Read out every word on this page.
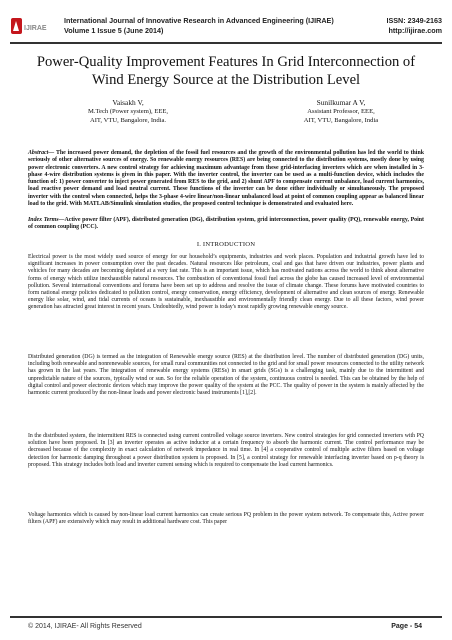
IJIRAE
International Journal of Innovative Research in Advanced Engineering (IJIRAE)
Volume 1 Issue 5 (June 2014)
ISSN: 2349-2163
http://ijirae.com
Power-Quality Improvement Features In Grid Interconnection of Wind Energy Source at the Distribution Level
Vaisakh V,
M.Tech (Power system), EEE,
AIT, VTU, Bangalore, India.
Sunilkumar A V,
Assistant Professor, EEE,
AIT, VTU, Bangalore, India
Abstract— The increased power demand, the depletion of the fossil fuel resources and the growth of the environmental pollution has led the world to think seriously of other alternative sources of energy. So renewable energy resources (RES) are being connected to the distribution systems, mostly done by using power electronic converters. A new control strategy for achieving maximum advantage from these grid-interfacing inverters which are when installed in 3-phase 4-wire distribution systems is given in this paper. With the inverter control, the inverter can be used as a multi-function device, which includes the function of: 1) power converter to inject power generated from RES to the grid, and 2) shunt APF to compensate current unbalance, load current harmonics, load reactive power demand and load neutral current. These functions of the inverter can be done either individually or simultaneously. The proposed inverter with the control when connected, helps the 3-phase 4-wire linear/non-linear unbalanced load at point of common coupling appear as balanced linear load to the grid. With MATLAB/Simulink simulation studies, the proposed control technique is demonstrated and evaluated here.
Index Terms—Active power filter (APF), distributed generation (DG), distribution system, grid interconnection, power quality (PQ), renewable energy, Point of common coupling (PCC).
I. INTRODUCTION
Electrical power is the most widely used source of energy for our household’s equipments, industries and work places. Population and industrial growth have led to significant increases in power consumption over the past decades. Natural resources like petroleum, coal and gas that have driven our industries, power plants and vehicles for many decades are becoming depleted at a very fast rate. This is an important issue, which has motivated nations across the world to think about alternative forms of energy which utilize inexhaustible natural resources. The combustion of conventional fossil fuel across the globe has caused increased level of environmental pollution. Several international conventions and forums have been set up to address and resolve the issue of climate change. These forums have motivated countries to form national energy policies dedicated to pollution control, energy conservation, energy efficiency, development of alternative and clean sources of energy. Renewable energy like solar, wind, and tidal currents of oceans is sustainable, inexhaustible and environmentally friendly clean energy. Due to all these factors, wind power generation has attracted great interest in recent years. Undoubtedly, wind power is today's most rapidly growing renewable energy source.
Distributed generation (DG) is termed as the integration of Renewable energy source (RES) at the distribution level. The number of distributed generation (DG) units, including both renewable and nonrenewable sources, for small rural communities not connected to the grid and for small power resources connected to the utility network has grown in the last years. The integration of renewable energy systems (RESs) in smart grids (SGs) is a challenging task, mainly due to the intermittent and unpredictable nature of the sources, typically wind or sun. So for the reliable operation of the system, continuous control is needed. This can be obtained by the help of digital control and power electronic devices which may improve the power quality of the system at the PCC. The quality of power in the system is mainly affected by the harmonic current produced by the non-linear loads and power electronic based instruments [1],[2].
In the distributed system, the intermittent RES is connected using current controlled voltage source inverters. New control strategies for grid connected inverters with PQ solution have been proposed. In [3] an inverter operates as active inductor at a certain frequency to absorb the harmonic current. The control performance may be decreased because of the complexity in exact calculation of network impedance in real time. In [4] a cooperative control of multiple active filters based on voltage detection for harmonic damping throughout a power distribution system is proposed. In [5], a control strategy for renewable interfacing inverter based on p-q theory is proposed. This strategy includes both load and inverter current sensing which is required to compensate the load current harmonics.
Voltage harmonics which is caused by non-linear load current harmonics can create serious PQ problem in the power system network. To compensate this, Active power filters (APF) are extensively which may result in additional hardware cost. This paper
© 2014, IJIRAE- All Rights Reserved	Page - 54
